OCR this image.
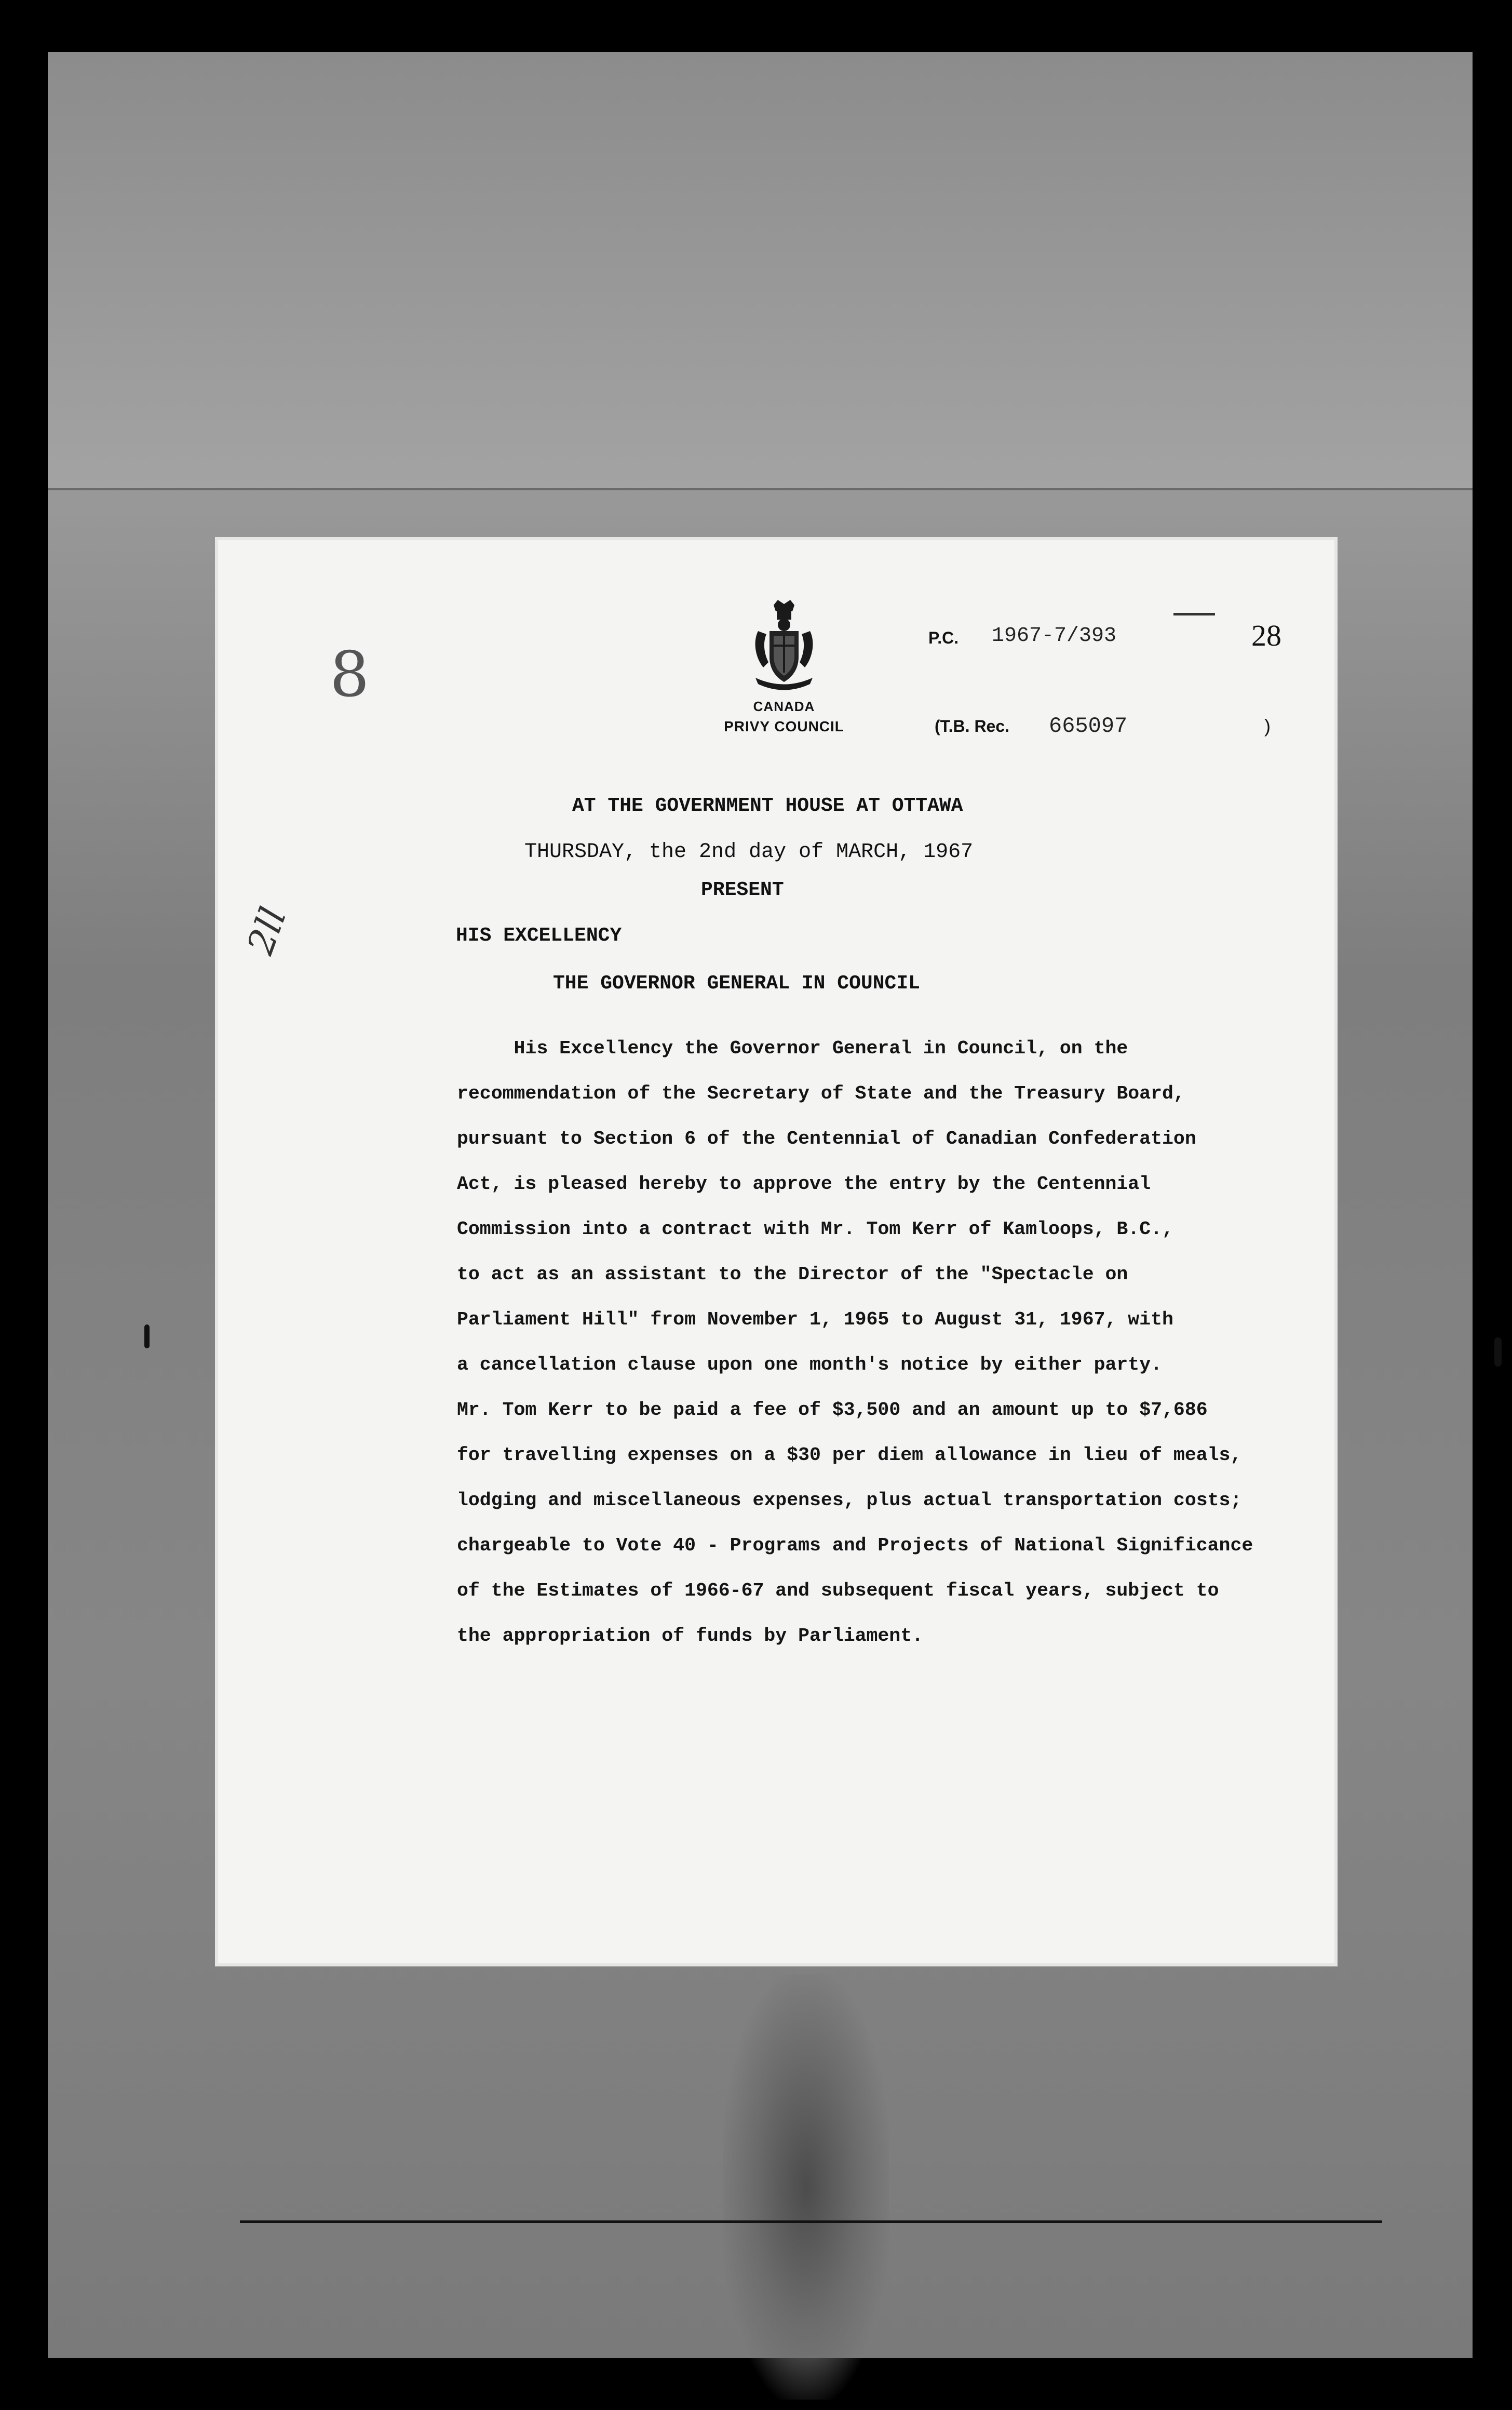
CANADA
PRIVY COUNCIL
8
2ll
P.C. 1967-7/393	28
(T.B. Rec. 665097	)
AT THE GOVERNMENT HOUSE AT OTTAWA
THURSDAY, the 2nd day of MARCH, 1967
PRESENT
HIS EXCELLENCY
THE GOVERNOR GENERAL IN COUNCIL
His Excellency the Governor General in Council, on the
recommendation of the Secretary of State and the Treasury Board,
pursuant to Section 6 of the Centennial of Canadian Confederation
Act, is pleased hereby to approve the entry by the Centennial
Commission into a contract with Mr. Tom Kerr of Kamloops, B.C.,
to act as an assistant to the Director of the "Spectacle on
Parliament Hill" from November 1, 1965 to August 31, 1967, with
a cancellation clause upon one month's notice by either party.
Mr. Tom Kerr to be paid a fee of $3,500 and an amount up to $7,686
for travelling expenses on a $30 per diem allowance in lieu of meals,
lodging and miscellaneous expenses, plus actual transportation costs;
chargeable to Vote 40 - Programs and Projects of National Significance
of the Estimates of 1966-67 and subsequent fiscal years, subject to
the appropriation of funds by Parliament.
